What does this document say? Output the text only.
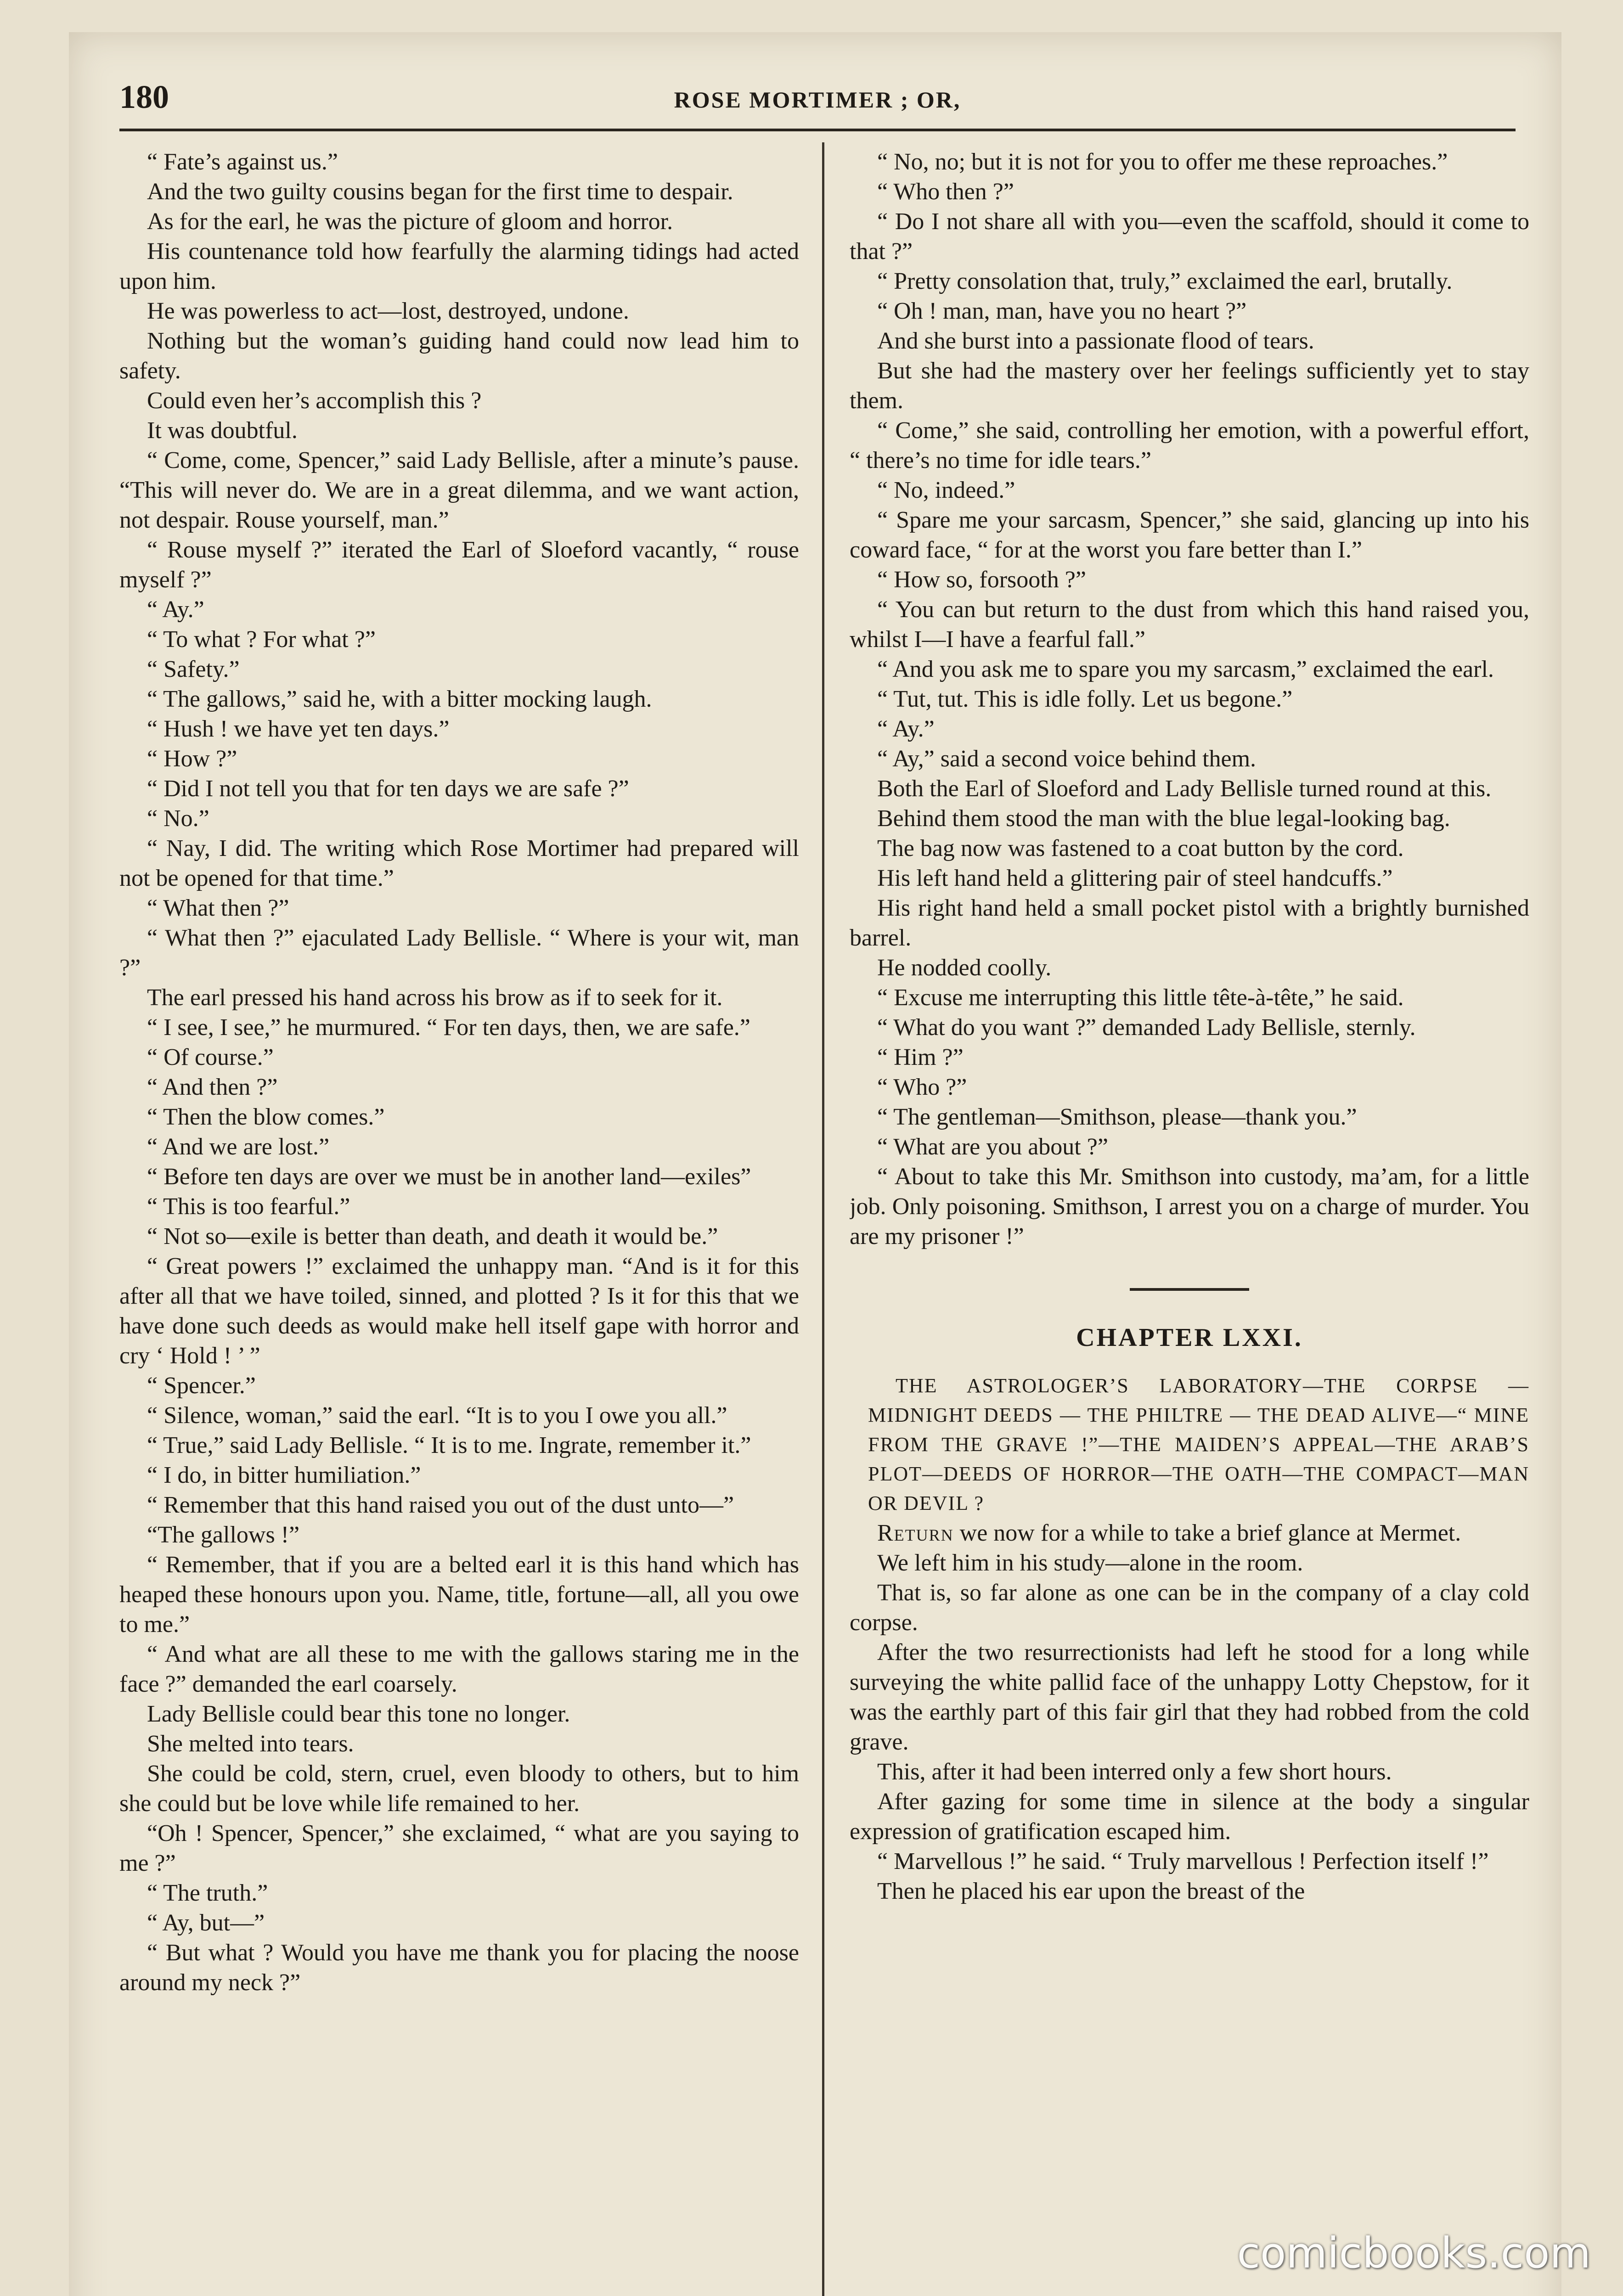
180	ROSE MORTIMER ; OR,

“ Fate’s against us.”

And the two guilty cousins began for the first time to despair.

As for the earl, he was the picture of gloom and horror.

His countenance told how fearfully the alarming tidings had acted upon him.

He was powerless to act—lost, destroyed, undone.

Nothing but the woman’s guiding hand could now lead him to safety.

Could even her’s accomplish this ?

It was doubtful.

“ Come, come, Spencer,” said Lady Bellisle, after a minute’s pause. “This will never do. We are in a great dilemma, and we want action, not despair. Rouse yourself, man.”

“ Rouse myself ?” iterated the Earl of Sloeford vacantly, “ rouse myself ?”

“ Ay.”

“ To what ? For what ?”

“ Safety.”

“ The gallows,” said he, with a bitter mocking laugh.

“ Hush ! we have yet ten days.”

“ How ?”

“ Did I not tell you that for ten days we are safe ?”

“ No.”

“ Nay, I did. The writing which Rose Mortimer had prepared will not be opened for that time.”

“ What then ?”

“ What then ?” ejaculated Lady Bellisle. “ Where is your wit, man ?”

The earl pressed his hand across his brow as if to seek for it.

“ I see, I see,” he murmured. “ For ten days, then, we are safe.”

“ Of course.”

“ And then ?”

“ Then the blow comes.”

“ And we are lost.”

“ Before ten days are over we must be in another land—exiles”

“ This is too fearful.”

“ Not so—exile is better than death, and death it would be.”

“ Great powers !” exclaimed the unhappy man. “And is it for this after all that we have toiled, sinned, and plotted ? Is it for this that we have done such deeds as would make hell itself gape with horror and cry ‘ Hold ! ’ ”

“ Spencer.”

“ Silence, woman,” said the earl. “It is to you I owe you all.”

“ True,” said Lady Bellisle. “ It is to me. Ingrate, remember it.”

“ I do, in bitter humiliation.”

“ Remember that this hand raised you out of the dust unto—”

“The gallows !”

“ Remember, that if you are a belted earl it is this hand which has heaped these honours upon you. Name, title, fortune—all, all you owe to me.”

“ And what are all these to me with the gallows staring me in the face ?” demanded the earl coarsely.

Lady Bellisle could bear this tone no longer.

She melted into tears.

She could be cold, stern, cruel, even bloody to others, but to him she could but be love while life remained to her.

“Oh ! Spencer, Spencer,” she exclaimed, “ what are you saying to me ?”

“ The truth.”

“ Ay, but—”

“ But what ? Would you have me thank you for placing the noose around my neck ?”

“ No, no; but it is not for you to offer me these reproaches.”

“ Who then ?”

“ Do I not share all with you—even the scaffold, should it come to that ?”

“ Pretty consolation that, truly,” exclaimed the earl, brutally.

“ Oh ! man, man, have you no heart ?”

And she burst into a passionate flood of tears.

But she had the mastery over her feelings sufficiently yet to stay them.

“ Come,” she said, controlling her emotion, with a powerful effort, “ there’s no time for idle tears.”

“ No, indeed.”

“ Spare me your sarcasm, Spencer,” she said, glancing up into his coward face, “ for at the worst you fare better than I.”

“ How so, forsooth ?”

“ You can but return to the dust from which this hand raised you, whilst I—I have a fearful fall.”

“ And you ask me to spare you my sarcasm,” exclaimed the earl.

“ Tut, tut. This is idle folly. Let us begone.”

“ Ay.”

“ Ay,” said a second voice behind them.

Both the Earl of Sloeford and Lady Bellisle turned round at this.

Behind them stood the man with the blue legal-looking bag.

The bag now was fastened to a coat button by the cord.

His left hand held a glittering pair of steel handcuffs.”

His right hand held a small pocket pistol with a brightly burnished barrel.

He nodded coolly.

“ Excuse me interrupting this little tête-à-tête,” he said.

“ What do you want ?” demanded Lady Bellisle, sternly.

“ Him ?”

“ Who ?”

“ The gentleman—Smithson, please—thank you.”

“ What are you about ?”

“ About to take this Mr. Smithson into custody, ma’am, for a little job. Only poisoning. Smithson, I arrest you on a charge of murder. You are my prisoner !”

CHAPTER LXXI.

THE ASTROLOGER’S LABORATORY—THE CORPSE — MIDNIGHT DEEDS — THE PHILTRE — THE DEAD ALIVE—“ MINE FROM THE GRAVE !”—THE MAIDEN’S APPEAL—THE ARAB’S PLOT—DEEDS OF HORROR—THE OATH—THE COMPACT—MAN OR DEVIL ?

Return we now for a while to take a brief glance at Mermet.

We left him in his study—alone in the room.

That is, so far alone as one can be in the company of a clay cold corpse.

After the two resurrectionists had left he stood for a long while surveying the white pallid face of the unhappy Lotty Chepstow, for it was the earthly part of this fair girl that they had robbed from the cold grave.

This, after it had been interred only a few short hours.

After gazing for some time in silence at the body a singular expression of gratification escaped him.

“ Marvellous !” he said. “ Truly marvellous ! Perfection itself !”

Then he placed his ear upon the breast of the

comicbooks.com
